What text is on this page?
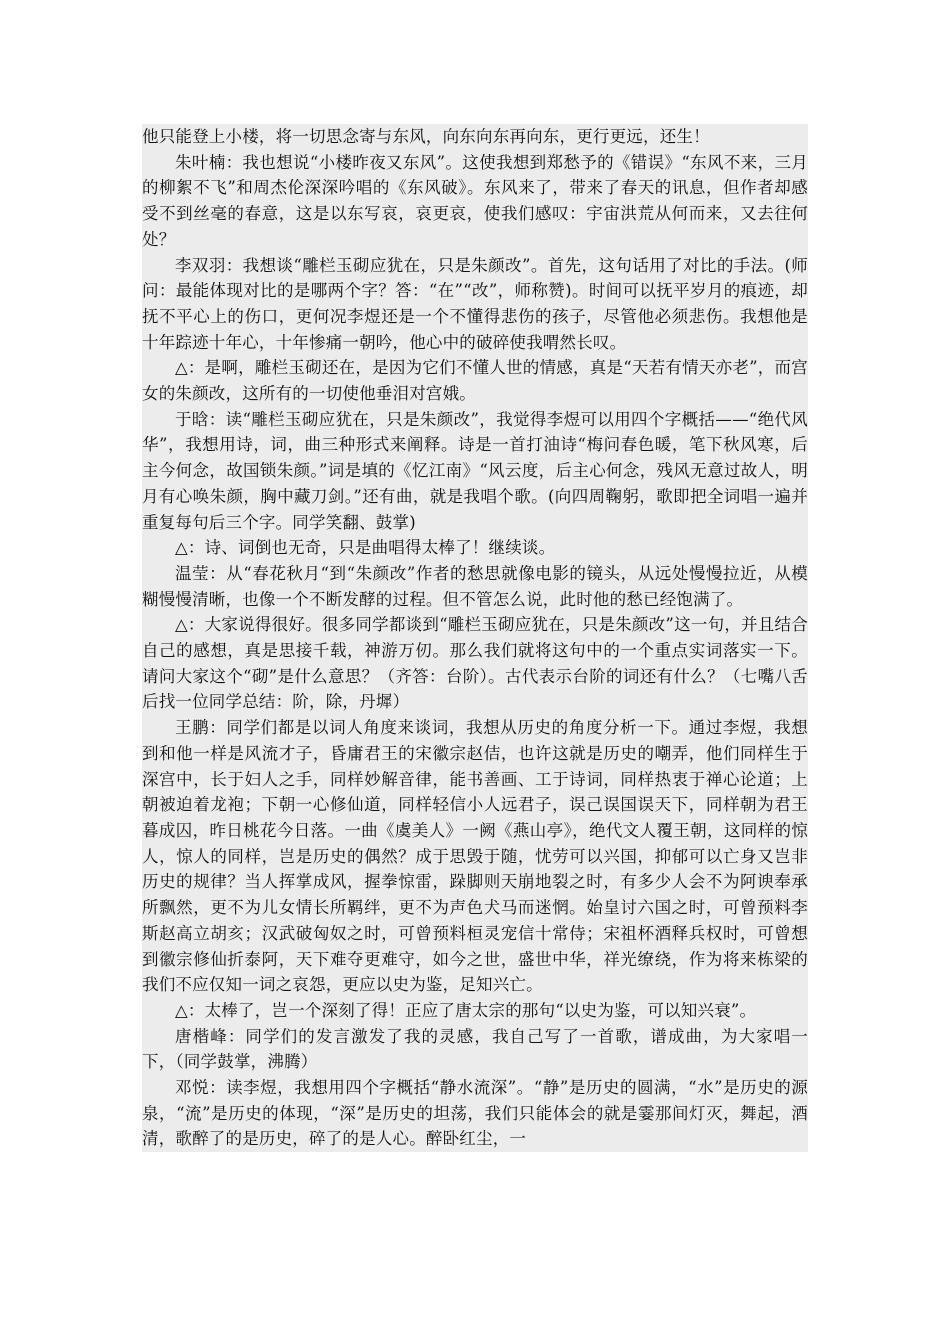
他只能登上小楼，将一切思念寄与东风，向东向东再向东，更行更远，还生！

朱叶楠：我也想说“小楼昨夜又东风”。这使我想到郑愁予的《错误》“东风不来，三月的柳絮不飞”和周杰伦深深吟唱的《东风破》。东风来了，带来了春天的讯息，但作者却感受不到丝毫的春意，这是以东写哀，哀更哀，使我们感叹：宇宙洪荒从何而来，又去往何处？

李双羽：我想谈“雕栏玉砌应犹在，只是朱颜改”。首先，这句话用了对比的手法。(师问：最能体现对比的是哪两个字？答：“在”“改”，师称赞)。时间可以抚平岁月的痕迹，却抚不平心上的伤口，更何况李煜还是一个不懂得悲伤的孩子，尽管他必须悲伤。我想他是十年踪迹十年心，十年惨痛一朝吟，他心中的破碎使我喟然长叹。

△：是啊，雕栏玉砌还在，是因为它们不懂人世的情感，真是“天若有情天亦老”，而宫女的朱颜改，这所有的一切使他垂泪对宫娥。

于晗：读“雕栏玉砌应犹在，只是朱颜改”，我觉得李煜可以用四个字概括——“绝代风华”，我想用诗，词，曲三种形式来阐释。诗是一首打油诗“梅问春色暖，笔下秋风寒，后主今何念，故国锁朱颜。”词是填的《忆江南》“风云度，后主心何念，残风无意过故人，明月有心唤朱颜，胸中藏刀剑。”还有曲，就是我唱个歌。(向四周鞠躬，歌即把全词唱一遍并重复每句后三个字。同学笑翻、鼓掌)

△：诗、词倒也无奇，只是曲唱得太棒了！继续谈。

温莹：从“春花秋月“到“朱颜改”作者的愁思就像电影的镜头，从远处慢慢拉近，从模糊慢慢清晰，也像一个不断发酵的过程。但不管怎么说，此时他的愁已经饱满了。

△：大家说得很好。很多同学都谈到“雕栏玉砌应犹在，只是朱颜改”这一句，并且结合自己的感想，真是思接千载，神游万仞。那么我们就将这句中的一个重点实词落实一下。请问大家这个“砌”是什么意思？（齐答：台阶）。古代表示台阶的词还有什么？（七嘴八舌后找一位同学总结：阶，除，丹墀）

王鹏：同学们都是以词人角度来谈词，我想从历史的角度分析一下。通过李煜，我想到和他一样是风流才子，昏庸君王的宋徽宗赵佶，也许这就是历史的嘲弄，他们同样生于深宫中，长于妇人之手，同样妙解音律，能书善画、工于诗词，同样热衷于禅心论道；上朝被迫着龙袍；下朝一心修仙道，同样轻信小人远君子，误己误国误天下，同样朝为君王暮成囚，昨日桃花今日落。一曲《虞美人》一阙《燕山亭》，绝代文人覆王朝，这同样的惊人，惊人的同样，岂是历史的偶然？成于思毁于随，忧劳可以兴国，抑郁可以亡身又岂非历史的规律？当人挥掌成风，握拳惊雷，跺脚则天崩地裂之时，有多少人会不为阿谀奉承所飘然，更不为儿女情长所羁绊，更不为声色犬马而迷惘。始皇讨六国之时，可曾预料李斯赵高立胡亥；汉武破匈奴之时，可曾预料桓灵宠信十常侍；宋祖杯酒释兵权时，可曾想到徽宗修仙折泰阿，天下难夺更难守，如今之世，盛世中华，祥光缭绕，作为将来栋梁的我们不应仅知一词之哀怨，更应以史为鉴，足知兴亡。

△：太棒了，岂一个深刻了得！正应了唐太宗的那句“以史为鉴，可以知兴衰”。

唐楷峰：同学们的发言激发了我的灵感，我自己写了一首歌，谱成曲，为大家唱一下，（同学鼓掌，沸腾）

邓悦：读李煜，我想用四个字概括“静水流深”。“静”是历史的圆满，“水”是历史的源泉，“流”是历史的体现，“深”是历史的坦荡，我们只能体会的就是霎那间灯灭，舞起，酒清，歌醉了的是历史，碎了的是人心。醉卧红尘，一
